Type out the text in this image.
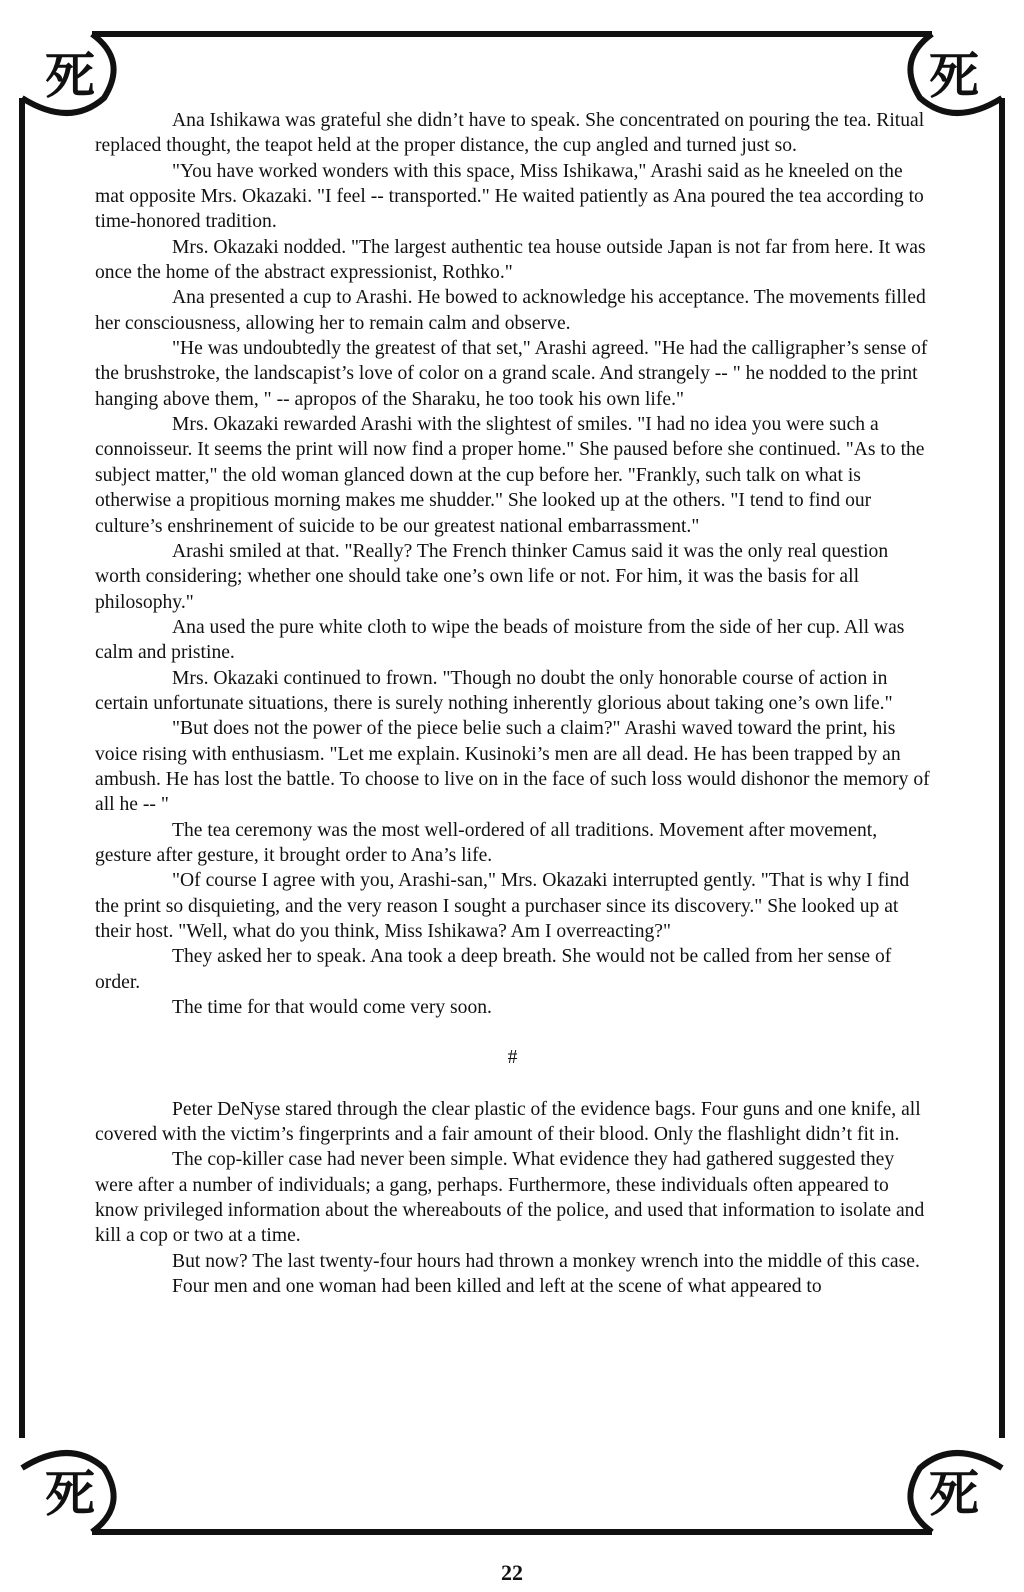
死	死
死	死

Ana Ishikawa was grateful she didn’t have to speak. She concentrated on pouring the tea. Ritual replaced thought, the teapot held at the proper distance, the cup angled and turned just so.

"You have worked wonders with this space, Miss Ishikawa," Arashi said as he kneeled on the mat opposite Mrs. Okazaki. "I feel -- transported." He waited patiently as Ana poured the tea according to time-honored tradition.

Mrs. Okazaki nodded. "The largest authentic tea house outside Japan is not far from here. It was once the home of the abstract expressionist, Rothko."

Ana presented a cup to Arashi. He bowed to acknowledge his acceptance. The movements filled her consciousness, allowing her to remain calm and observe.

"He was undoubtedly the greatest of that set," Arashi agreed. "He had the calligrapher’s sense of the brushstroke, the landscapist’s love of color on a grand scale. And strangely -- " he nodded to the print hanging above them, " -- apropos of the Sharaku, he too took his own life."

Mrs. Okazaki rewarded Arashi with the slightest of smiles. "I had no idea you were such a connoisseur. It seems the print will now find a proper home." She paused before she continued. "As to the subject matter," the old woman glanced down at the cup before her. "Frankly, such talk on what is otherwise a propitious morning makes me shudder." She looked up at the others. "I tend to find our culture’s enshrinement of suicide to be our greatest national embarrassment."

Arashi smiled at that. "Really? The French thinker Camus said it was the only real question worth considering; whether one should take one’s own life or not. For him, it was the basis for all philosophy."

Ana used the pure white cloth to wipe the beads of moisture from the side of her cup. All was calm and pristine.

Mrs. Okazaki continued to frown. "Though no doubt the only honorable course of action in certain unfortunate situations, there is surely nothing inherently glorious about taking one’s own life."

"But does not the power of the piece belie such a claim?" Arashi waved toward the print, his voice rising with enthusiasm. "Let me explain. Kusinoki’s men are all dead. He has been trapped by an ambush. He has lost the battle. To choose to live on in the face of such loss would dishonor the memory of all he -- "

The tea ceremony was the most well-ordered of all traditions. Movement after movement, gesture after gesture, it brought order to Ana’s life.

"Of course I agree with you, Arashi-san," Mrs. Okazaki interrupted gently. "That is why I find the print so disquieting, and the very reason I sought a purchaser since its discovery." She looked up at their host. "Well, what do you think, Miss Ishikawa? Am I overreacting?"

They asked her to speak. Ana took a deep breath. She would not be called from her sense of order.

The time for that would come very soon.

#

Peter DeNyse stared through the clear plastic of the evidence bags. Four guns and one knife, all covered with the victim’s fingerprints and a fair amount of their blood. Only the flashlight didn’t fit in.

The cop-killer case had never been simple. What evidence they had gathered suggested they were after a number of individuals; a gang, perhaps. Furthermore, these individuals often appeared to know privileged information about the whereabouts of the police, and used that information to isolate and kill a cop or two at a time.

But now? The last twenty-four hours had thrown a monkey wrench into the middle of this case.

Four men and one woman had been killed and left at the scene of what appeared to

22
